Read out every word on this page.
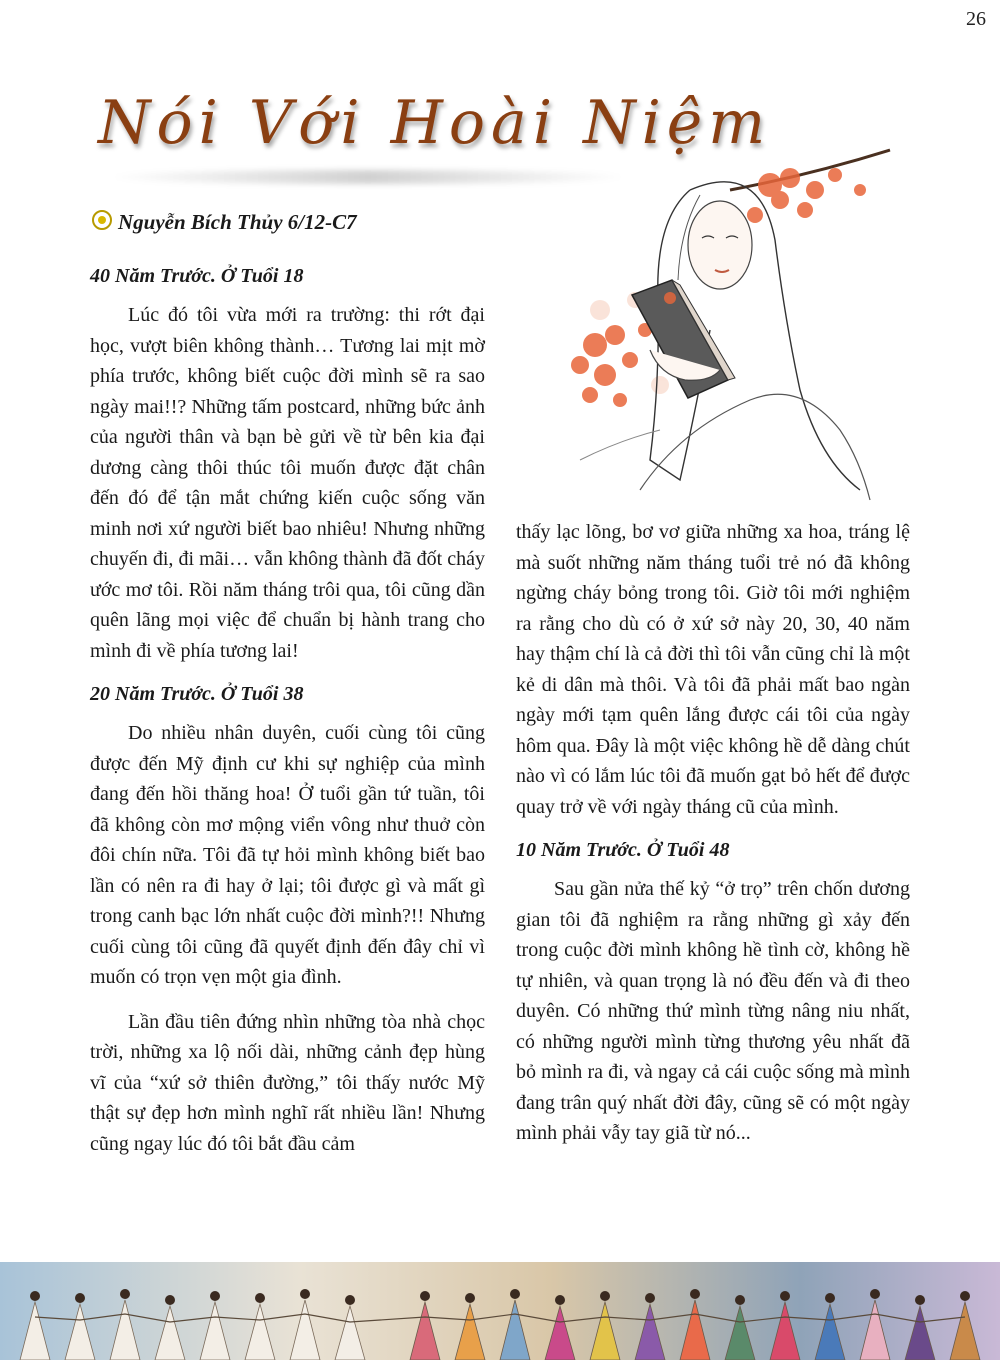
26
Nói Với Hoài Niệm
Nguyễn Bích Thủy 6/12-C7
40 Năm Trước. Ở Tuổi 18

Lúc đó tôi vừa mới ra trường: thi rớt đại học, vượt biên không thành… Tương lai mịt mờ phía trước, không biết cuộc đời mình sẽ ra sao ngày mai!!? Những tấm postcard, những bức ảnh của người thân và bạn bè gửi về từ bên kia đại dương càng thôi thúc tôi muốn được đặt chân đến đó để tận mắt chứng kiến cuộc sống văn minh nơi xứ người biết bao nhiêu! Nhưng những chuyến đi, đi mãi… vẫn không thành đã đốt cháy ước mơ tôi. Rồi năm tháng trôi qua, tôi cũng dần quên lãng mọi việc để chuẩn bị hành trang cho mình đi về phía tương lai!

20 Năm Trước. Ở Tuổi 38

Do nhiều nhân duyên, cuối cùng tôi cũng được đến Mỹ định cư khi sự nghiệp của mình đang đến hồi thăng hoa! Ở tuổi gần tứ tuần, tôi đã không còn mơ mộng viển vông như thuở còn đôi chín nữa. Tôi đã tự hỏi mình không biết bao lần có nên ra đi hay ở lại; tôi được gì và mất gì trong canh bạc lớn nhất cuộc đời mình?!! Nhưng cuối cùng tôi cũng đã quyết định đến đây chỉ vì muốn có trọn vẹn một gia đình.

Lần đầu tiên đứng nhìn những tòa nhà chọc trời, những xa lộ nối dài, những cảnh đẹp hùng vĩ của “xứ sở thiên đường,” tôi thấy nước Mỹ thật sự đẹp hơn mình nghĩ rất nhiều lần! Nhưng cũng ngay lúc đó tôi bắt đầu cảm

thấy lạc lõng, bơ vơ giữa những xa hoa, tráng lệ mà suốt những năm tháng tuổi trẻ nó đã không ngừng cháy bỏng trong tôi. Giờ tôi mới nghiệm ra rằng cho dù có ở xứ sở này 20, 30, 40 năm hay thậm chí là cả đời thì tôi vẫn cũng chỉ là một kẻ di dân mà thôi. Và tôi đã phải mất bao ngàn ngày mới tạm quên lắng được cái tôi của ngày hôm qua. Đây là một việc không hề dễ dàng chút nào vì có lắm lúc tôi đã muốn gạt bỏ hết để được quay trở về với ngày tháng cũ của mình.

10 Năm Trước. Ở Tuổi 48

Sau gần nửa thế kỷ “ở trọ” trên chốn dương gian tôi đã nghiệm ra rằng những gì xảy đến trong cuộc đời mình không hề tình cờ, không hề tự nhiên, và quan trọng là nó đều đến và đi theo duyên. Có những thứ mình từng nâng niu nhất, có những người mình từng thương yêu nhất đã bỏ mình ra đi, và ngay cả cái cuộc sống mà mình đang trân quý nhất đời đây, cũng sẽ có một ngày mình phải vẫy tay giã từ nó...
